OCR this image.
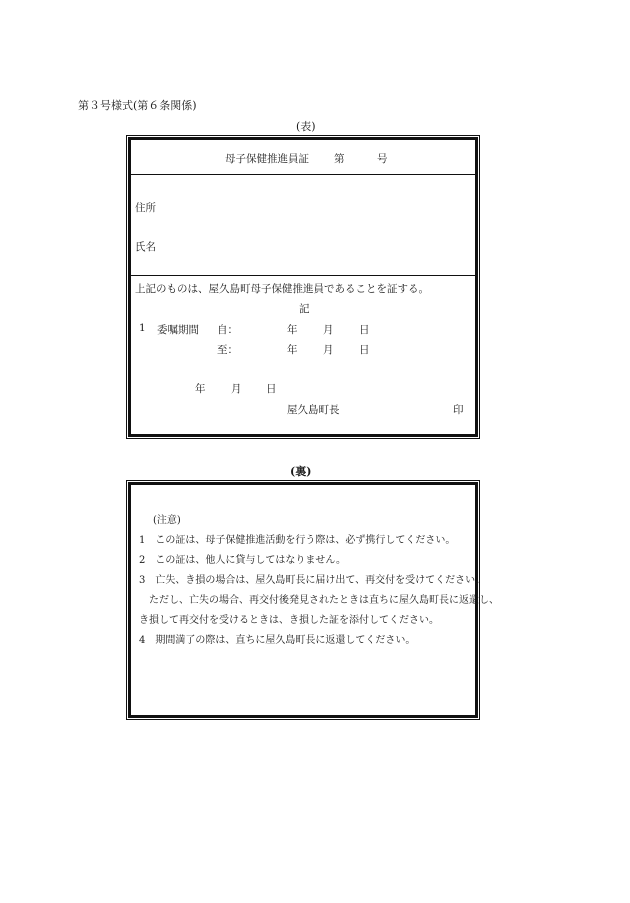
第３号様式(第６条関係)
(表)
母子保健推進員証 第	号
住所
氏名
上記のものは、屋久島町母子保健推進員であることを証する。
記
1 委嘱期間 自：	年 月 日
至：	年 月 日
年 月 日
屋久島町長	印
(裏)
(注意)
1　この証は、母子保健推進活動を行う際は、必ず携行してください。
2　この証は、他人に貸与してはなりません。
3　亡失、き損の場合は、屋久島町長に届け出て、再交付を受けてください。
　ただし、亡失の場合、再交付後発見されたときは直ちに屋久島町長に返還し、
き損して再交付を受けるときは、き損した証を添付してください。
4　期間満了の際は、直ちに屋久島町長に返還してください。
